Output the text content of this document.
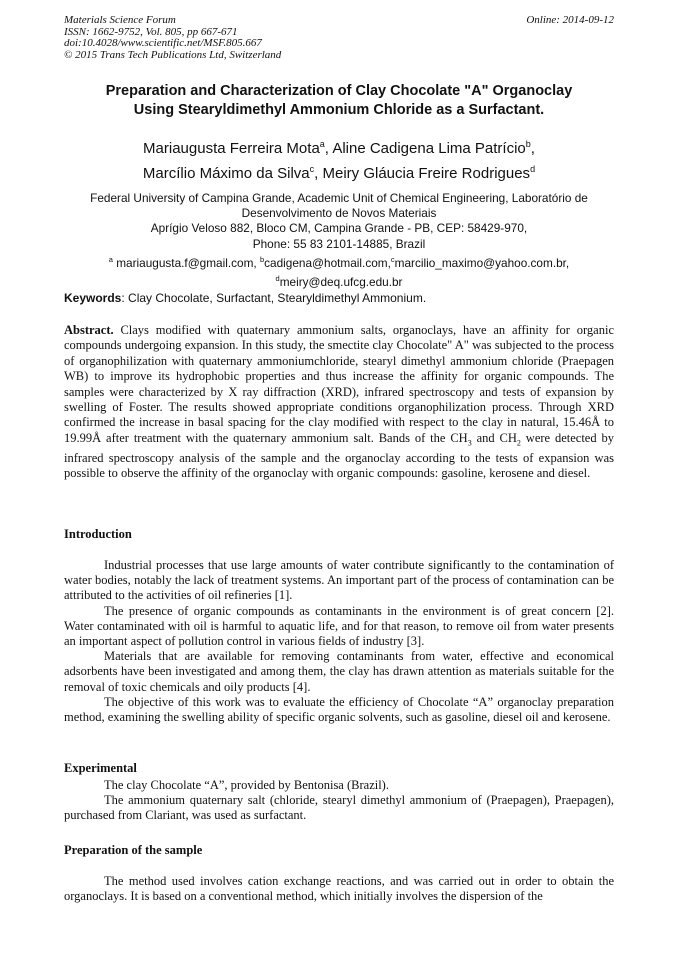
Materials Science Forum
ISSN: 1662-9752, Vol. 805, pp 667-671
doi:10.4028/www.scientific.net/MSF.805.667
© 2015 Trans Tech Publications Ltd, Switzerland
Online: 2014-09-12
Preparation and Characterization of Clay Chocolate "A" Organoclay
Using Stearyldimethyl Ammonium Chloride as a Surfactant.
Mariaugusta Ferreira Mota$^a$, Aline Cadigena Lima Patrício$^b$,
Marcílio Máximo da Silva$^c$, Meiry Gláucia Freire Rodrigues$^d$
Federal University of Campina Grande, Academic Unit of Chemical Engineering, Laboratório de
Desenvolvimento de Novos Materiais
Aprígio Veloso 882, Bloco CM, Campina Grande - PB, CEP: 58429-970,
Phone: 55 83 2101-14885, Brazil
$^a$ mariaugusta.f@gmail.com, $^b$cadigena@hotmail.com,$^c$marcilio_maximo@yahoo.com.br,
$^d$meiry@deq.ufcg.edu.br
Keywords: Clay Chocolate, Surfactant, Stearyldimethyl Ammonium.
Abstract. Clays modified with quaternary ammonium salts, organoclays, have an affinity for organic compounds undergoing expansion. In this study, the smectite clay Chocolate" A" was subjected to the process of organophilization with quaternary ammoniumchloride, stearyl dimethyl ammonium chloride (Praepagen WB) to improve its hydrophobic properties and thus increase the affinity for organic compounds. The samples were characterized by X ray diffraction (XRD), infrared spectroscopy and tests of expansion by swelling of Foster. The results showed appropriate conditions organophilization process. Through XRD confirmed the increase in basal spacing for the clay modified with respect to the clay in natural, 15.46Å to 19.99Å after treatment with the quaternary ammonium salt. Bands of the $CH_3$ and $CH_2$ were detected by infrared spectroscopy analysis of the sample and the organoclay according to the tests of expansion was possible to observe the affinity of the organoclay with organic compounds: gasoline, kerosene and diesel.
Introduction

Industrial processes that use large amounts of water contribute significantly to the contamination of water bodies, notably the lack of treatment systems. An important part of the process of contamination can be attributed to the activities of oil refineries [1].

The presence of organic compounds as contaminants in the environment is of great concern [2]. Water contaminated with oil is harmful to aquatic life, and for that reason, to remove oil from water presents an important aspect of pollution control in various fields of industry [3].

Materials that are available for removing contaminants from water, effective and economical adsorbents have been investigated and among them, the clay has drawn attention as materials suitable for the removal of toxic chemicals and oily products [4].

The objective of this work was to evaluate the efficiency of Chocolate “A” organoclay preparation method, examining the swelling ability of specific organic solvents, such as gasoline, diesel oil and kerosene.

Experimental

The clay Chocolate “A”, provided by Bentonisa (Brazil).

The ammonium quaternary salt (chloride, stearyl dimethyl ammonium of (Praepagen), Praepagen), purchased from Clariant, was used as surfactant.

Preparation of the sample

The method used involves cation exchange reactions, and was carried out in order to obtain the organoclays. It is based on a conventional method, which initially involves the dispersion of the
